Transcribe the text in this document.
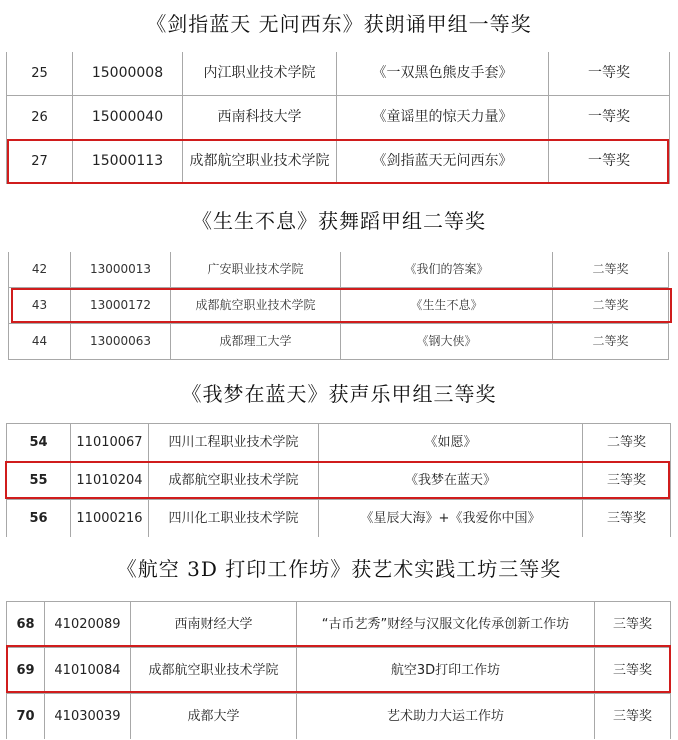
《剑指蓝天 无问西东》获朗诵甲组一等奖
25	15000008	内江职业技术学院	《一双黑色熊皮手套》	一等奖
26	15000040	西南科技大学	《童谣里的惊天力量》	一等奖
27	15000113	成都航空职业技术学院	《剑指蓝天无问西东》	一等奖
《生生不息》获舞蹈甲组二等奖
42	13000013	广安职业技术学院	《我们的答案》	二等奖
43	13000172	成都航空职业技术学院	《生生不息》	二等奖
44	13000063	成都理工大学	《钢大侠》	二等奖
《我梦在蓝天》获声乐甲组三等奖
54	11010067	四川工程职业技术学院	《如愿》	二等奖
55	11010204	成都航空职业技术学院	《我梦在蓝天》	三等奖
56	11000216	四川化工职业技术学院	《星辰大海》+《我爱你中国》	三等奖
《航空 3D 打印工作坊》获艺术实践工坊三等奖
68	41020089	西南财经大学	“古币艺秀”财经与汉服文化传承创新工作坊	三等奖
69	41010084	成都航空职业技术学院	航空3D打印工作坊	三等奖
70	41030039	成都大学	艺术助力大运工作坊	三等奖
